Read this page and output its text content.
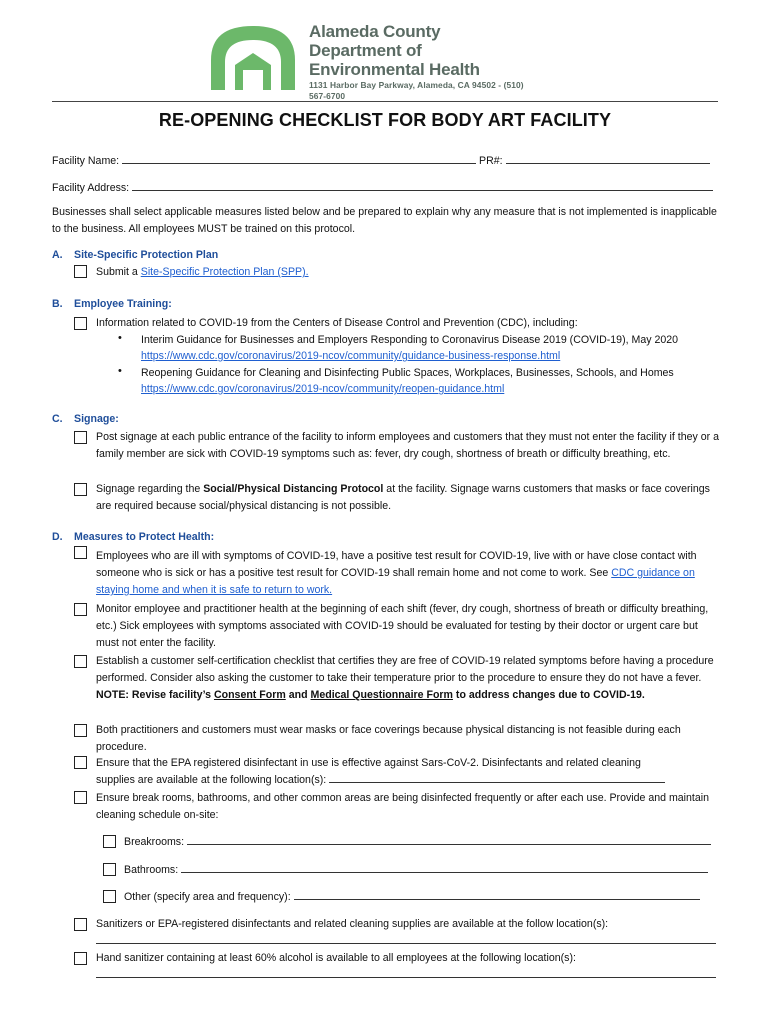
Alameda County
Department of
Environmental Health
1131 Harbor Bay Parkway, Alameda, CA 94502 - (510) 567-6700
RE-OPENING CHECKLIST FOR BODY ART FACILITY
Facility Name:	PR#:
Facility Address:
Businesses shall select applicable measures listed below and be prepared to explain why any measure that is not implemented is inapplicable to the business. All employees MUST be trained on this protocol.
A. Site-Specific Protection Plan
Submit a Site-Specific Protection Plan (SPP).
B. Employee Training:
Information related to COVID-19 from the Centers of Disease Control and Prevention (CDC), including:
• Interim Guidance for Businesses and Employers Responding to Coronavirus Disease 2019 (COVID-19), May 2020
https://www.cdc.gov/coronavirus/2019-ncov/community/guidance-business-response.html
• Reopening Guidance for Cleaning and Disinfecting Public Spaces, Workplaces, Businesses, Schools, and Homes
https://www.cdc.gov/coronavirus/2019-ncov/community/reopen-guidance.html
C. Signage:
Post signage at each public entrance of the facility to inform employees and customers that they must not enter the facility if they or a family member are sick with COVID-19 symptoms such as: fever, dry cough, shortness of breath or difficulty breathing, etc.
Signage regarding the Social/Physical Distancing Protocol at the facility. Signage warns customers that masks or face coverings are required because social/physical distancing is not possible.
D. Measures to Protect Health:
Employees who are ill with symptoms of COVID-19, have a positive test result for COVID-19, live with or have close contact with someone who is sick or has a positive test result for COVID-19 shall remain home and not come to work. See CDC guidance on staying home and when it is safe to return to work.
Monitor employee and practitioner health at the beginning of each shift (fever, dry cough, shortness of breath or difficulty breathing, etc.) Sick employees with symptoms associated with COVID-19 should be evaluated for testing by their doctor or urgent care but must not enter the facility.
Establish a customer self-certification checklist that certifies they are free of COVID-19 related symptoms before having a procedure performed. Consider also asking the customer to take their temperature prior to the procedure to ensure they do not have a fever. NOTE: Revise facility’s Consent Form and Medical Questionnaire Form to address changes due to COVID-19.
Both practitioners and customers must wear masks or face coverings because physical distancing is not feasible during each procedure.
Ensure that the EPA registered disinfectant in use is effective against Sars-CoV-2. Disinfectants and related cleaning
supplies are available at the following location(s):
Ensure break rooms, bathrooms, and other common areas are being disinfected frequently or after each use. Provide and maintain cleaning schedule on-site:
Breakrooms:
Bathrooms:
Other (specify area and frequency):
Sanitizers or EPA-registered disinfectants and related cleaning supplies are available at the follow location(s):
Hand sanitizer containing at least 60% alcohol is available to all employees at the following location(s):
